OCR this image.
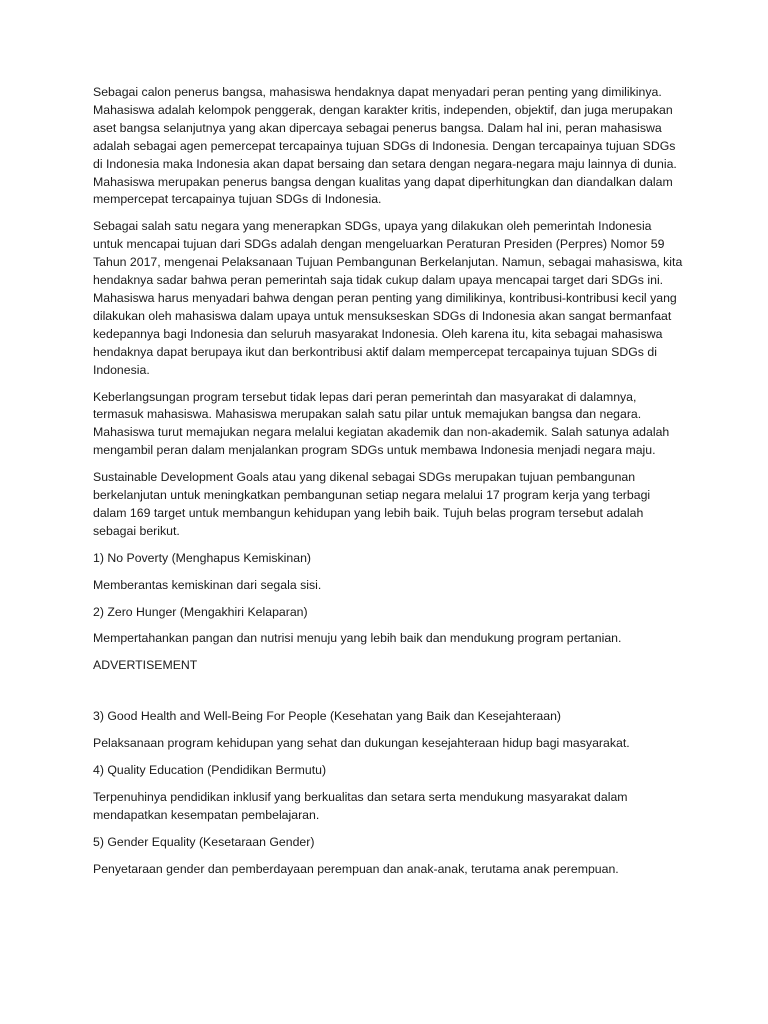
Sebagai calon penerus bangsa, mahasiswa hendaknya dapat menyadari peran penting yang dimilikinya. Mahasiswa adalah kelompok penggerak, dengan karakter kritis, independen, objektif, dan juga merupakan aset bangsa selanjutnya yang akan dipercaya sebagai penerus bangsa. Dalam hal ini, peran mahasiswa adalah sebagai agen pemercepat tercapainya tujuan SDGs di Indonesia. Dengan tercapainya tujuan SDGs di Indonesia maka Indonesia akan dapat bersaing dan setara dengan negara-negara maju lainnya di dunia. Mahasiswa merupakan penerus bangsa dengan kualitas yang dapat diperhitungkan dan diandalkan dalam mempercepat tercapainya tujuan SDGs di Indonesia.

Sebagai salah satu negara yang menerapkan SDGs, upaya yang dilakukan oleh pemerintah Indonesia untuk mencapai tujuan dari SDGs adalah dengan mengeluarkan Peraturan Presiden (Perpres) Nomor 59 Tahun 2017, mengenai Pelaksanaan Tujuan Pembangunan Berkelanjutan. Namun, sebagai mahasiswa, kita hendaknya sadar bahwa peran pemerintah saja tidak cukup dalam upaya mencapai target dari SDGs ini. Mahasiswa harus menyadari bahwa dengan peran penting yang dimilikinya, kontribusi-kontribusi kecil yang dilakukan oleh mahasiswa dalam upaya untuk mensukseskan SDGs di Indonesia akan sangat bermanfaat kedepannya bagi Indonesia dan seluruh masyarakat Indonesia. Oleh karena itu, kita sebagai mahasiswa hendaknya dapat berupaya ikut dan berkontribusi aktif dalam mempercepat tercapainya tujuan SDGs di Indonesia.

Keberlangsungan program tersebut tidak lepas dari peran pemerintah dan masyarakat di dalamnya, termasuk mahasiswa. Mahasiswa merupakan salah satu pilar untuk memajukan bangsa dan negara. Mahasiswa turut memajukan negara melalui kegiatan akademik dan non-akademik. Salah satunya adalah mengambil peran dalam menjalankan program SDGs untuk membawa Indonesia menjadi negara maju.

Sustainable Development Goals atau yang dikenal sebagai SDGs merupakan tujuan pembangunan berkelanjutan untuk meningkatkan pembangunan setiap negara melalui 17 program kerja yang terbagi dalam 169 target untuk membangun kehidupan yang lebih baik. Tujuh belas program tersebut adalah sebagai berikut.

1) No Poverty (Menghapus Kemiskinan)

Memberantas kemiskinan dari segala sisi.

2) Zero Hunger (Mengakhiri Kelaparan)

Mempertahankan pangan dan nutrisi menuju yang lebih baik dan mendukung program pertanian.

ADVERTISEMENT

3) Good Health and Well-Being For People (Kesehatan yang Baik dan Kesejahteraan)

Pelaksanaan program kehidupan yang sehat dan dukungan kesejahteraan hidup bagi masyarakat.

4) Quality Education (Pendidikan Bermutu)

Terpenuhinya pendidikan inklusif yang berkualitas dan setara serta mendukung masyarakat dalam mendapatkan kesempatan pembelajaran.

5) Gender Equality (Kesetaraan Gender)

Penyetaraan gender dan pemberdayaan perempuan dan anak-anak, terutama anak perempuan.
